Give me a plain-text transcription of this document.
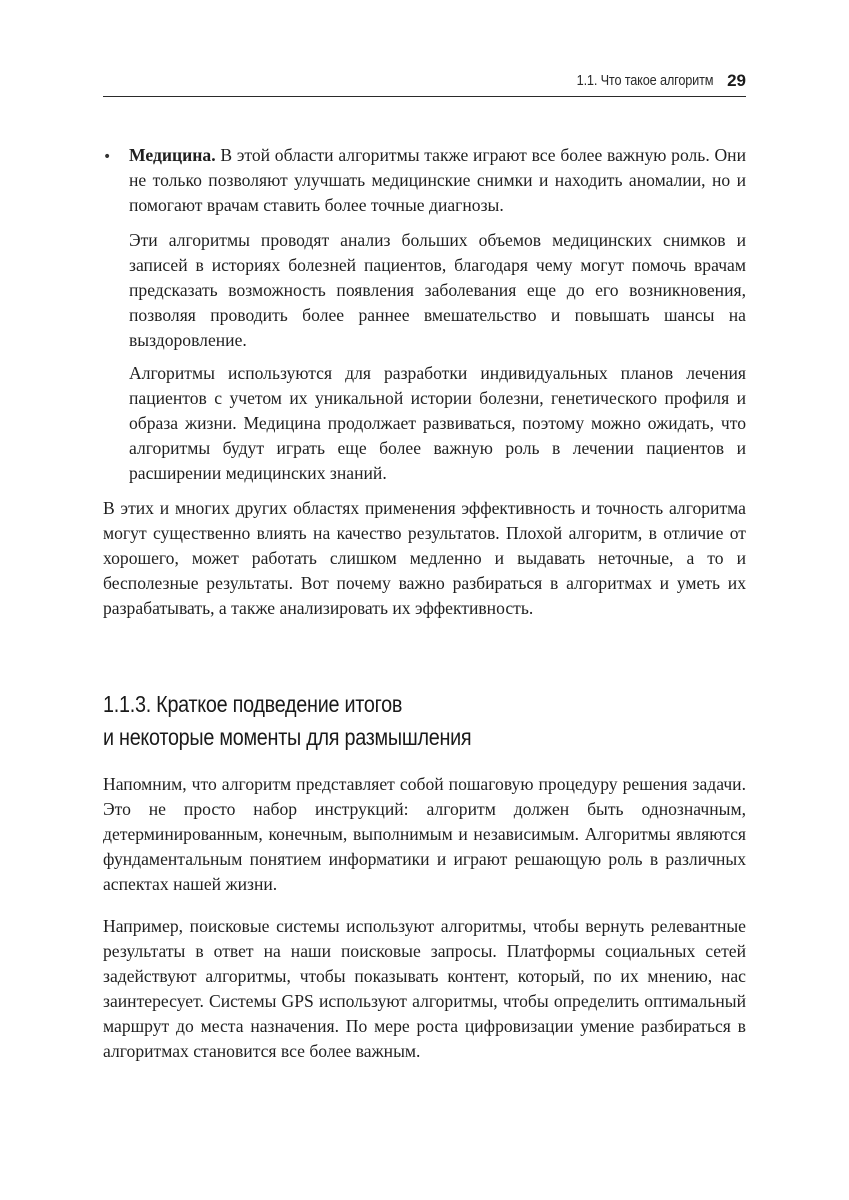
1.1. Что такое алгоритм 29
• Медицина. В этой области алгоритмы также играют все более важную роль. Они не только позволяют улучшать медицинские снимки и находить аномалии, но и помогают врачам ставить более точные диагнозы.

Эти алгоритмы проводят анализ больших объемов медицинских снимков и записей в историях болезней пациентов, благодаря чему могут помочь врачам предсказать возможность появления заболевания еще до его возникновения, позволяя проводить более раннее вмешательство и повышать шансы на выздоровление.

Алгоритмы используются для разработки индивидуальных планов лечения пациентов с учетом их уникальной истории болезни, генетического профиля и образа жизни. Медицина продолжает развиваться, поэтому можно ожидать, что алгоритмы будут играть еще более важную роль в лечении пациентов и расширении медицинских знаний.

В этих и многих других областях применения эффективность и точность алгоритма могут существенно влиять на качество результатов. Плохой алгоритм, в отличие от хорошего, может работать слишком медленно и выдавать неточные, а то и бесполезные результаты. Вот почему важно разбираться в алгоритмах и уметь их разрабатывать, а также анализировать их эффективность.

1.1.3. Краткое подведение итогов
и некоторые моменты для размышления

Напомним, что алгоритм представляет собой пошаговую процедуру решения задачи. Это не просто набор инструкций: алгоритм должен быть однозначным, детерминированным, конечным, выполнимым и независимым. Алгоритмы являются фундаментальным понятием информатики и играют решающую роль в различных аспектах нашей жизни.

Например, поисковые системы используют алгоритмы, чтобы вернуть релевантные результаты в ответ на наши поисковые запросы. Платформы социальных сетей задействуют алгоритмы, чтобы показывать контент, который, по их мнению, нас заинтересует. Системы GPS используют алгоритмы, чтобы определить оптимальный маршрут до места назначения. По мере роста цифровизации умение разбираться в алгоритмах становится все более важным.
